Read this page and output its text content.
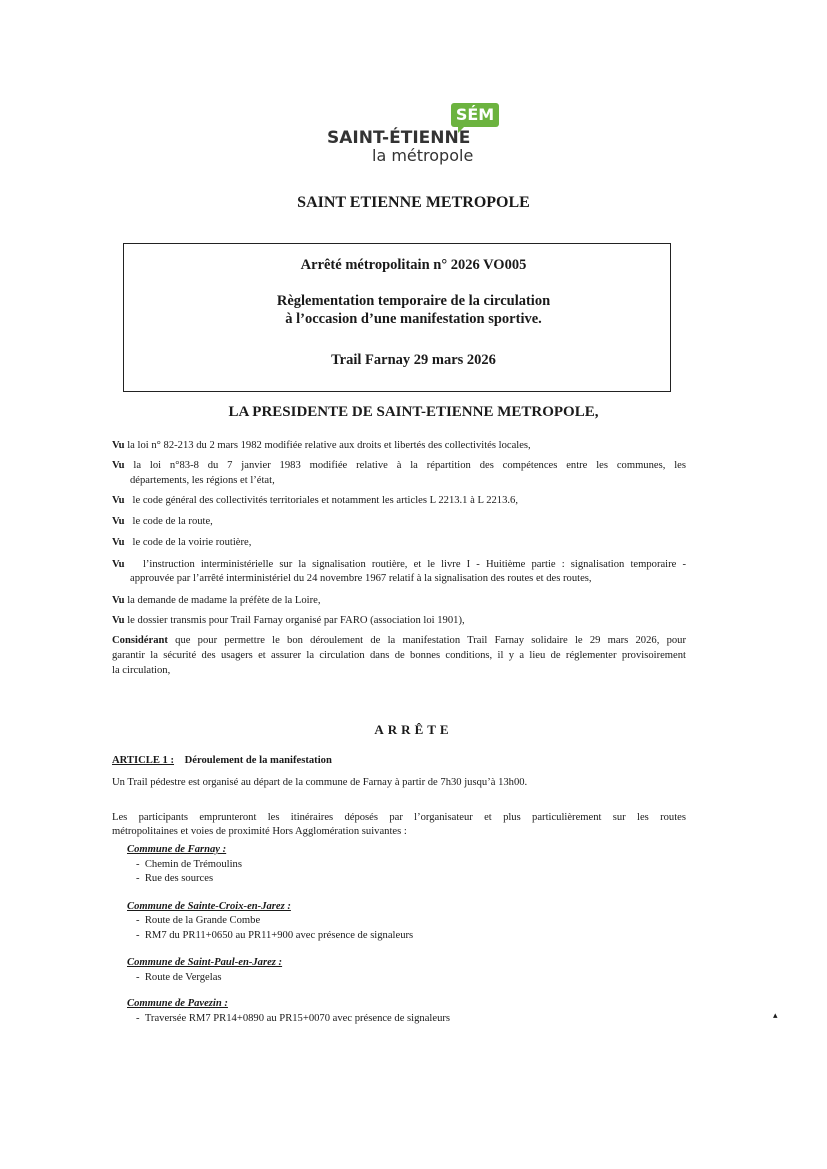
SÉM
SAINT-ÉTIENNE
la métropole
SAINT ETIENNE METROPOLE
Arrêté métropolitain n° 2026 VO005
Règlementation temporaire de la circulation
à l’occasion d’une manifestation sportive.
Trail Farnay 29 mars 2026
LA PRESIDENTE DE SAINT-ETIENNE METROPOLE,
Vu la loi n° 82-213 du 2 mars 1982 modifiée relative aux droits et libertés des collectivités locales,
Vu la loi n°83-8 du 7 janvier 1983 modifiée relative à la répartition des compétences entre les communes, les
départements, les régions et l’état,
Vu le code général des collectivités territoriales et notamment les articles L 2213.1 à L 2213.6,
Vu le code de la route,
Vu le code de la voirie routière,
Vu l’instruction interministérielle sur la signalisation routière, et le livre I - Huitième partie : signalisation temporaire -
approuvée par l’arrêté interministériel du 24 novembre 1967 relatif à la signalisation des routes et des routes,
Vu la demande de madame la préfète de la Loire,
Vu le dossier transmis pour Trail Farnay organisé par FARO (association loi 1901),
Considérant que pour permettre le bon déroulement de la manifestation Trail Farnay solidaire le 29 mars 2026, pour
garantir la sécurité des usagers et assurer la circulation dans de bonnes conditions, il y a lieu de réglementer provisoirement
la circulation,
ARRÊTE
ARTICLE 1 : Déroulement de la manifestation
Un Trail pédestre est organisé au départ de la commune de Farnay à partir de 7h30 jusqu’à 13h00.
Les participants emprunteront les itinéraires déposés par l’organisateur et plus particulièrement sur les routes
métropolitaines et voies de proximité Hors Agglomération suivantes :
Commune de Farnay :
-  Chemin de Trémoulins
-  Rue des sources
Commune de Sainte-Croix-en-Jarez :
-  Route de la Grande Combe
-  RM7 du PR11+0650 au PR11+900 avec présence de signaleurs
Commune de Saint-Paul-en-Jarez :
-  Route de Vergelas
Commune de Pavezin :
-  Traversée RM7 PR14+0890 au PR15+0070 avec présence de signaleurs	▴
